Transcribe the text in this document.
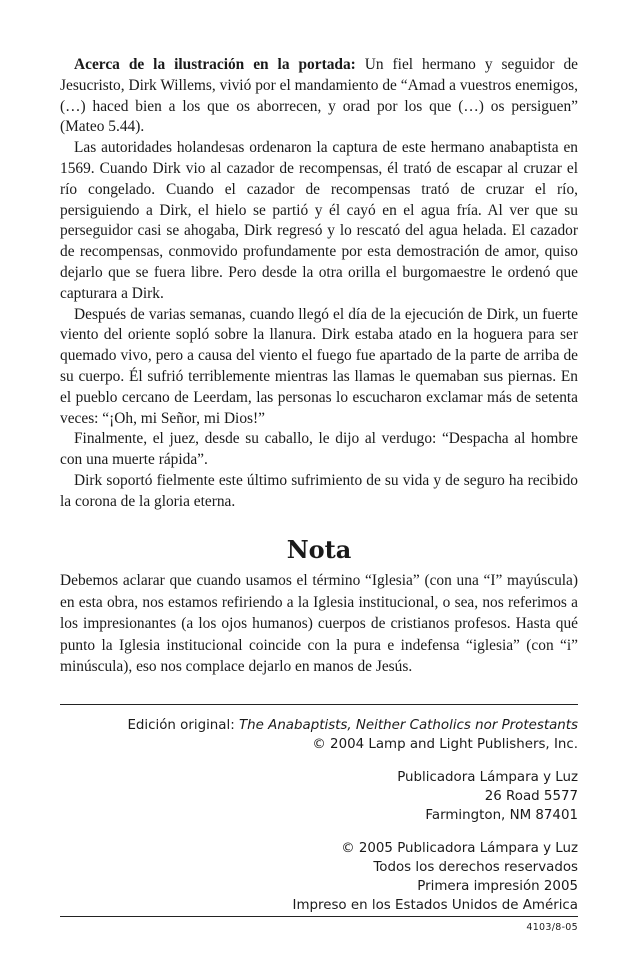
Acerca de la ilustración en la portada: Un fiel hermano y seguidor de Jesucristo, Dirk Willems, vivió por el mandamiento de “Amad a vuestros enemigos, (…) haced bien a los que os aborrecen, y orad por los que (…) os persiguen” (Mateo 5.44).

Las autoridades holandesas ordenaron la captura de este hermano anabaptista en 1569. Cuando Dirk vio al cazador de recompensas, él trató de escapar al cruzar el río congelado. Cuando el cazador de recompensas trató de cruzar el río, persiguiendo a Dirk, el hielo se partió y él cayó en el agua fría. Al ver que su perseguidor casi se ahogaba, Dirk regresó y lo rescató del agua helada. El cazador de recompensas, conmovido profundamente por esta demostración de amor, quiso dejarlo que se fuera libre. Pero desde la otra orilla el burgomaestre le ordenó que capturara a Dirk.

Después de varias semanas, cuando llegó el día de la ejecución de Dirk, un fuerte viento del oriente sopló sobre la llanura. Dirk estaba atado en la hoguera para ser quemado vivo, pero a causa del viento el fuego fue apartado de la parte de arriba de su cuerpo. Él sufrió terriblemente mientras las llamas le quemaban sus piernas. En el pueblo cercano de Leerdam, las personas lo escucharon exclamar más de setenta veces: “¡Oh, mi Señor, mi Dios!”

Finalmente, el juez, desde su caballo, le dijo al verdugo: “Despacha al hombre con una muerte rápida”.

Dirk soportó fielmente este último sufrimiento de su vida y de seguro ha recibido la corona de la gloria eterna.

Nota

Debemos aclarar que cuando usamos el término “Iglesia” (con una “I” mayúscula) en esta obra, nos estamos refiriendo a la Iglesia institucional, o sea, nos referimos a los impresionantes (a los ojos humanos) cuerpos de cristianos profesos. Hasta qué punto la Iglesia institucional coincide con la pura e indefensa “iglesia” (con “i” minúscula), eso nos complace dejarlo en manos de Jesús.

Edición original: The Anabaptists, Neither Catholics nor Protestants
© 2004 Lamp and Light Publishers, Inc.
Publicadora Lámpara y Luz
26 Road 5577
Farmington, NM 87401
© 2005 Publicadora Lámpara y Luz
Todos los derechos reservados
Primera impresión 2005
Impreso en los Estados Unidos de América
4103/8-05
